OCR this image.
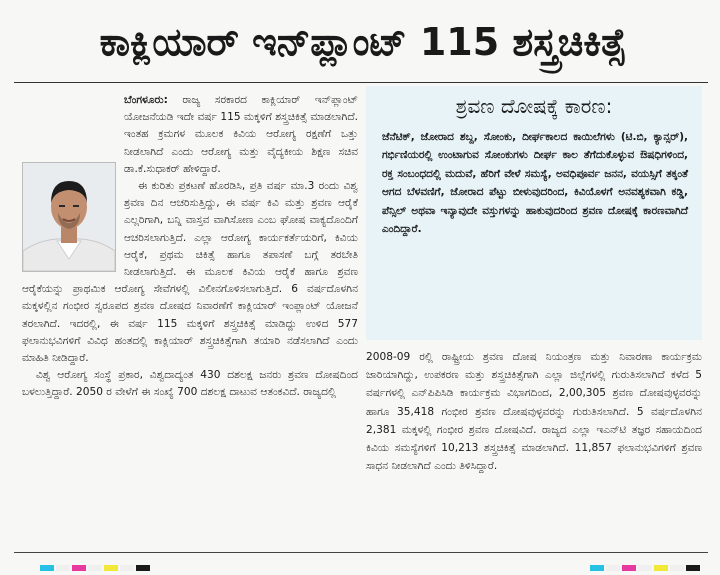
ಕಾಕ್ಲಿಯಾರ್ ಇನ್‌ಪ್ಲಾಂಟ್ 115 ಶಸ್ತ್ರಚಿಕಿತ್ಸೆ

ಬೆಂಗಳೂರು: ರಾಜ್ಯ ಸರಕಾರದ ಕಾಕ್ಲಿಯಾರ್ ಇನ್‌ಪ್ಲಾಂಟ್ ಯೋಜನೆಯಡಿ ಇದೇ ವರ್ಷ 115 ಮಕ್ಕಳಿಗೆ ಶಸ್ತ್ರಚಿಕಿತ್ಸೆ ಮಾಡಲಾಗಿದೆ. ಇಂತಹ ಕ್ರಮಗಳ ಮೂಲಕ ಕಿವಿಯ ಆರೋಗ್ಯ ರಕ್ಷಣೆಗೆ ಒತ್ತು ನೀಡಲಾಗಿದೆ ಎಂದು ಆರೋಗ್ಯ ಮತ್ತು ವೈದ್ಯಕೀಯ ಶಿಕ್ಷಣ ಸಚಿವ ಡಾ.ಕೆ.ಸುಧಾಕರ್ ಹೇಳಿದ್ದಾರೆ.

ಈ ಕುರಿತು ಪ್ರಕಟಣೆ ಹೊರಡಿಸಿ, ಪ್ರತಿ ವರ್ಷ ಮಾ.3 ರಂದು ವಿಶ್ವ ಶ್ರವಣ ದಿನ ಆಚರಿಸುತ್ತಿದ್ದು, ಈ ವರ್ಷ ಕಿವಿ ಮತ್ತು ಶ್ರವಣ ಆರೈಕೆ ಎಲ್ಲರಿಗಾಗಿ, ಬನ್ನಿ ವಾಸ್ತವ ವಾಗಿಸೋಣ ಎಂಬ ಘೋಷ ವಾಕ್ಯದೊಂದಿಗೆ ಆಚರಿಸಲಾಗುತ್ತಿದೆ. ಎಲ್ಲಾ ಆರೋಗ್ಯ ಕಾರ್ಯಕರ್ತೆಯರಿಗೆ, ಕಿವಿಯ ಆರೈಕೆ, ಪ್ರಥಮ ಚಿಕಿತ್ಸೆ ಹಾಗೂ ತಪಾಸಣೆ ಬಗ್ಗೆ ತರಬೇತಿ ನೀಡಲಾಗುತ್ತಿದೆ. ಈ ಮೂಲಕ ಕಿವಿಯ ಆರೈಕೆ ಹಾಗೂ ಶ್ರವಣ ಆರೈಕೆಯನ್ನು ಪ್ರಾಥಮಿಕ ಆರೋಗ್ಯ ಸೇವೆಗಳಲ್ಲಿ ವಿಲೀನಗೊಳಿಸಲಾಗುತ್ತಿದೆ. 6 ವರ್ಷದೊಳಗಿನ ಮಕ್ಕಳಲ್ಲಿನ ಗಂಭೀರ ಸ್ವರೂಪದ ಶ್ರವಣ ದೋಷದ ನಿವಾರಣೆಗೆ ಕಾಕ್ಲಿಯಾರ್ ಇಂಪ್ಲಾಂಟ್ ಯೋಜನೆ ತರಲಾಗಿದೆ. ಇದರಲ್ಲಿ, ಈ ವರ್ಷ 115 ಮಕ್ಕಳಿಗೆ ಶಸ್ತ್ರಚಿಕಿತ್ಸೆ ಮಾಡಿದ್ದು ಉಳಿದ 577 ಫಲಾನುಭವಿಗಳಿಗೆ ವಿವಿಧ ಹಂತದಲ್ಲಿ ಕಾಕ್ಲಿಯಾರ್ ಶಸ್ತ್ರಚಿಕಿತ್ಸೆಗಾಗಿ ತಯಾರಿ ನಡೆಸಲಾಗಿದೆ ಎಂದು ಮಾಹಿತಿ ನೀಡಿದ್ದಾರೆ.

ವಿಶ್ವ ಆರೋಗ್ಯ ಸಂಸ್ಥೆ ಪ್ರಕಾರ, ವಿಶ್ವದಾದ್ಯಂತ 430 ದಶಲಕ್ಷ ಜನರು ಶ್ರವಣ ದೋಷದಿಂದ ಬಳಲುತ್ತಿದ್ದಾರೆ. 2050 ರ ವೇಳೆಗೆ ಈ ಸಂಖ್ಯೆ 700 ದಶಲಕ್ಷ ದಾಟುವ ಆತಂಕವಿದೆ. ರಾಜ್ಯದಲ್ಲಿ

ಶ್ರವಣ ದೋಷಕ್ಕೆ ಕಾರಣ:
ಜೆನೆಟಿಕ್, ಜೋರಾದ ಶಬ್ದ, ಸೋಂಕು, ದೀರ್ಘಕಾಲದ ಕಾಯಿಲೆಗಳು (ಟಿ.ಬಿ, ಕ್ಯಾನ್ಸರ್), ಗರ್ಭಿಣಿಯರಲ್ಲಿ ಉಂಟಾಗುವ ಸೋಂಕುಗಳು ದೀರ್ಘ ಕಾಲ ತೆಗೆದುಕೊಳ್ಳುವ ಔಷಧಿಗಳಿಂದ, ರಕ್ತ ಸಂಬಂಧದಲ್ಲಿ ಮದುವೆ, ಹೆರಿಗೆ ವೇಳೆ ಸಮಸ್ಯೆ, ಅವಧಿಪೂರ್ವ ಜನನ, ವಯಸ್ಸಿಗೆ ತಕ್ಕಂತೆ ಆಗದ ಬೆಳವಣಿಗೆ, ಜೋರಾದ ಪೆಟ್ಟು ಬೀಳುವುದರಿಂದ, ಕಿವಿಯೊಳಗೆ ಅನವಶ್ಯಕವಾಗಿ ಕಡ್ಡಿ, ಪೆನ್ಸಿಲ್ ಅಥವಾ ಇನ್ಯಾವುದೇ ವಸ್ತುಗಳನ್ನು ಹಾಕುವುದರಿಂದ ಶ್ರವಣ ದೋಷಕ್ಕೆ ಕಾರಣವಾಗಿದೆ ಎಂದಿದ್ದಾರೆ.
2008-09 ರಲ್ಲಿ ರಾಷ್ಟ್ರೀಯ ಶ್ರವಣ ದೋಷ ನಿಯಂತ್ರಣ ಮತ್ತು ನಿವಾರಣಾ ಕಾರ್ಯಕ್ರಮ ಜಾರಿಯಾಗಿದ್ದು, ಉಪಕರಣ ಮತ್ತು ಶಸ್ತ್ರಚಿಕಿತ್ಸೆಗಾಗಿ ಎಲ್ಲಾ ಜಿಲ್ಲೆಗಳಲ್ಲಿ ಗುರುತಿಸಲಾಗಿದೆ ಕಳೆದ 5 ವರ್ಷಗಳಲ್ಲಿ ಎನ್‌ಪಿಪಿಸಿಡಿ ಕಾರ್ಯಕ್ರಮ ವಿಭಾಗದಿಂದ, 2,00,305 ಶ್ರವಣ ದೋಷವುಳ್ಳವರನ್ನು ಹಾಗೂ 35,418 ಗಂಭೀರ ಶ್ರವಣ ದೋಷವುಳ್ಳವರನ್ನು ಗುರುತಿಸಲಾಗಿದೆ. 5 ವರ್ಷದೊಳಗಿನ 2,381 ಮಕ್ಕಳಲ್ಲಿ ಗಂಭೀರ ಶ್ರವಣ ದೋಷವಿದೆ. ರಾಜ್ಯದ ಎಲ್ಲಾ ಇಎನ್‌ಟಿ ತಜ್ಞರ ಸಹಾಯದಿಂದ ಕಿವಿಯ ಸಮಸ್ಯೆಗಳಿಗೆ 10,213 ಶಸ್ತ್ರಚಿಕಿತ್ಸೆ ಮಾಡಲಾಗಿದೆ. 11,857 ಫಲಾನುಭವಿಗಳಿಗೆ ಶ್ರವಣ ಸಾಧನ ನೀಡಲಾಗಿದೆ ಎಂದು ತಿಳಿಸಿದ್ದಾರೆ.
